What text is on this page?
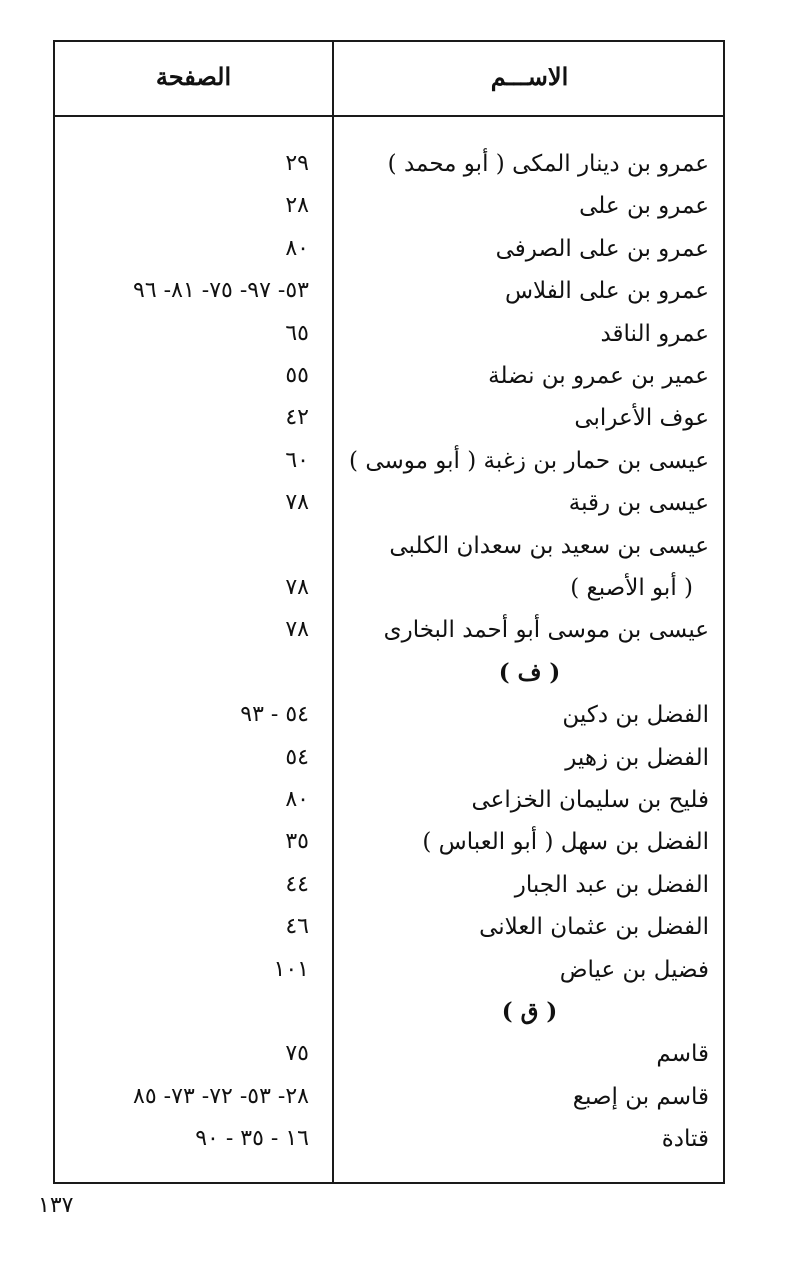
الاســـم
الصفحة
عمرو بن دينار المكى ( أبو محمد )
٢٩
عمرو بن على
٢٨
عمرو بن على الصرفى
٨٠
عمرو بن على الفلاس
٥٣- ٩٧- ٧٥- ٨١- ٩٦
عمرو الناقد
٦٥
عمير بن عمرو بن نضلة
٥٥
عوف الأعرابى
٤٢
عيسى بن حمار بن زغبة ( أبو موسى )
٦٠
عيسى بن رقبة
٧٨
عيسى بن سعيد بن سعدان الكلبى
( أبو الأصبع )
٧٨
عيسى بن موسى أبو أحمد البخارى
٧٨
( ف )
الفضل بن دكين
٥٤ - ٩٣
الفضل بن زهير
٥٤
فليح بن سليمان الخزاعى
٨٠
الفضل بن سهل ( أبو العباس )
٣٥
الفضل بن عبد الجبار
٤٤
الفضل بن عثمان العلانى
٤٦
فضيل بن عياض
١٠١
( ق )
قاسم
٧٥
قاسم بن إصبع
٢٨- ٥٣- ٧٢- ٧٣- ٨٥
قتادة
١٦ - ٣٥ - ٩٠
١٣٧
